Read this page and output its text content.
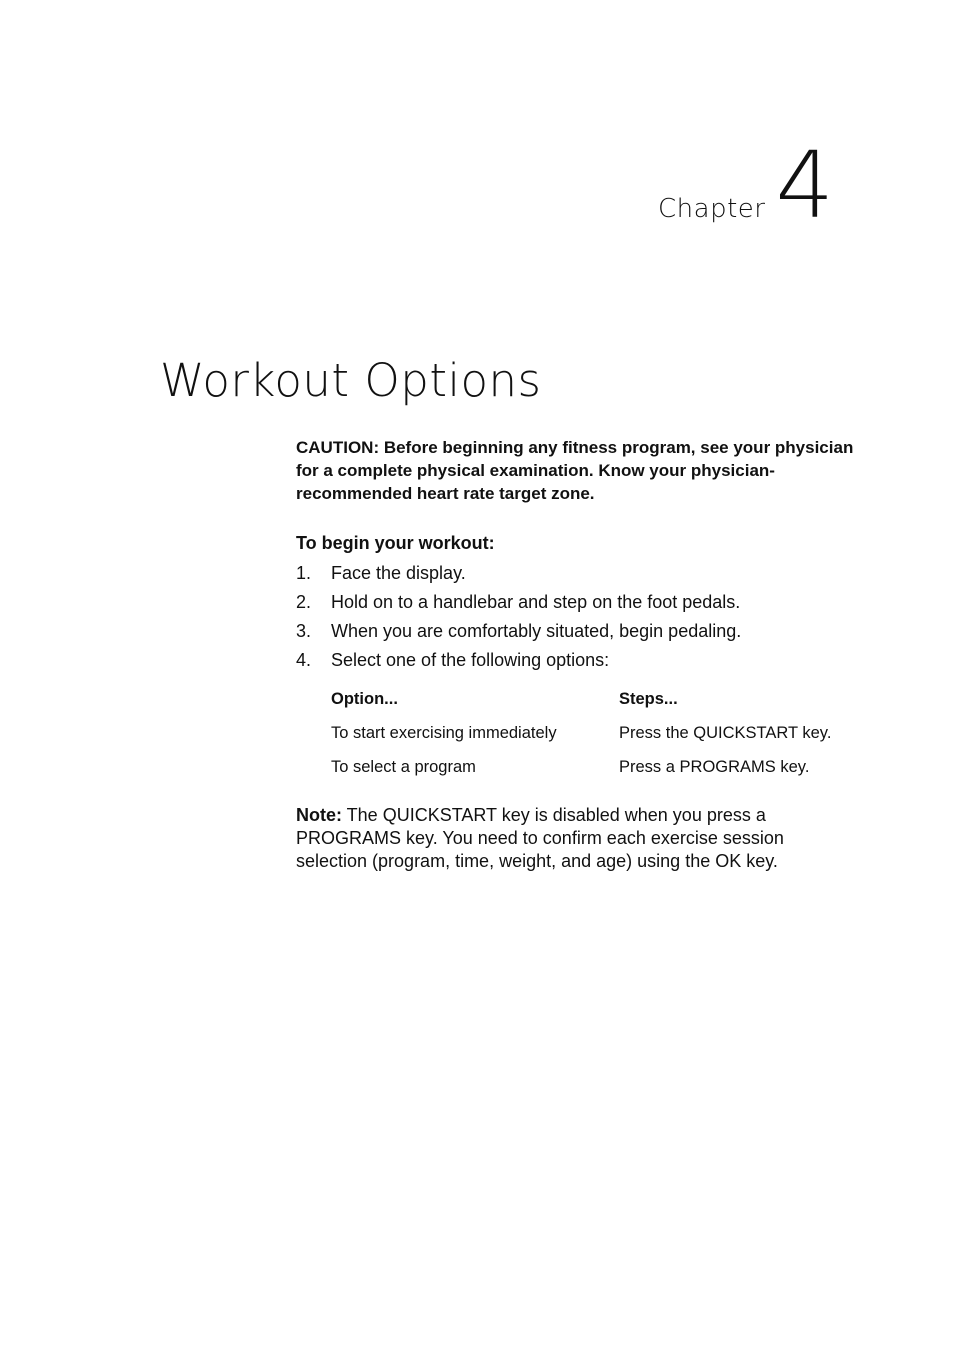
Chapter 4
Workout Options

CAUTION: Before beginning any fitness program, see your physician for a complete physical examination. Know your physician-recommended heart rate target zone.

To begin your workout:

1.	Face the display.
2.	Hold on to a handlebar and step on the foot pedals.
3.	When you are comfortably situated, begin pedaling.
4.	Select one of the following options:
Option...	Steps...
To start exercising immediately	Press the QUICKSTART key.
To select a program	Press a PROGRAMS key.

Note: The QUICKSTART key is disabled when you press a PROGRAMS key. You need to confirm each exercise session selection (program, time, weight, and age) using the OK key.
